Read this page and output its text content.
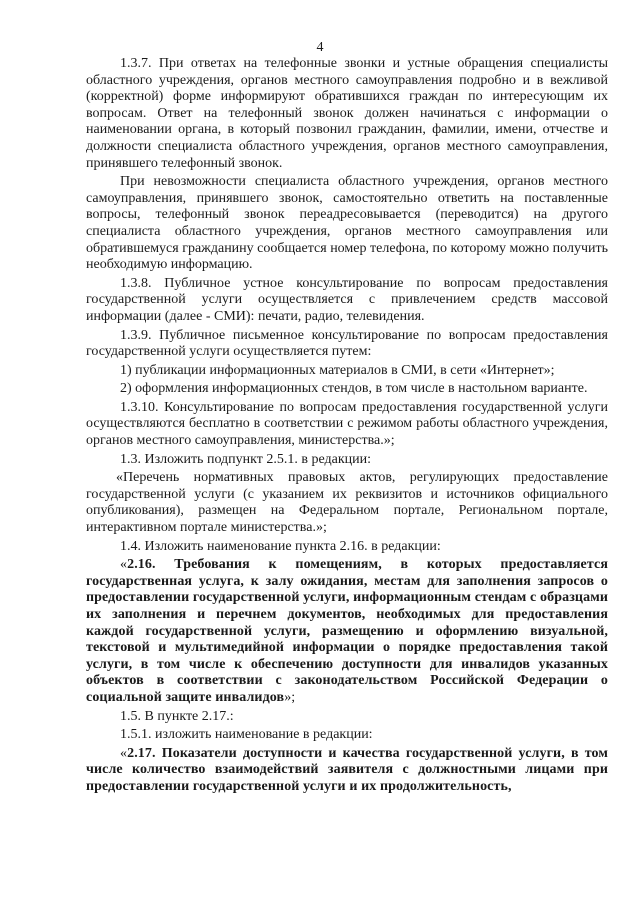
4

1.3.7. При ответах на телефонные звонки и устные обращения специалисты областного учреждения, органов местного самоуправления подробно и в вежливой (корректной) форме информируют обратившихся граждан по интересующим их вопросам. Ответ на телефонный звонок должен начинаться с информации о наименовании органа, в который позвонил гражданин, фамилии, имени, отчестве и должности специалиста областного учреждения, органов местного самоуправления, принявшего телефонный звонок.

При невозможности специалиста областного учреждения, органов местного самоуправления, принявшего звонок, самостоятельно ответить на поставленные вопросы, телефонный звонок переадресовывается (переводится) на другого специалиста областного учреждения, органов местного самоуправления или обратившемуся гражданину сообщается номер телефона, по которому можно получить необходимую информацию.

1.3.8. Публичное устное консультирование по вопросам предоставления государственной услуги осуществляется с привлечением средств массовой информации (далее - СМИ): печати, радио, телевидения.

1.3.9. Публичное письменное консультирование по вопросам предоставления государственной услуги осуществляется путем:

1) публикации информационных материалов в СМИ, в сети «Интернет»;

2) оформления информационных стендов, в том числе в настольном варианте.

1.3.10. Консультирование по вопросам предоставления государственной услуги осуществляются бесплатно в соответствии с режимом работы областного учреждения, органов местного самоуправления, министерства.»;

1.3. Изложить подпункт 2.5.1. в редакции:

«Перечень нормативных правовых актов, регулирующих предоставление государственной услуги (с указанием их реквизитов и источников официального опубликования), размещен на Федеральном портале, Региональном портале, интерактивном портале министерства.»;

1.4. Изложить наименование пункта 2.16. в редакции:

«2.16. Требования к помещениям, в которых предоставляется государственная услуга, к залу ожидания, местам для заполнения запросов о предоставлении государственной услуги, информационным стендам с образцами их заполнения и перечнем документов, необходимых для предоставления каждой государственной услуги, размещению и оформлению визуальной, текстовой и мультимедийной информации о порядке предоставления такой услуги, в том числе к обеспечению доступности для инвалидов указанных объектов в соответствии с законодательством Российской Федерации о социальной защите инвалидов»;

1.5. В пункте 2.17.:

1.5.1. изложить наименование в редакции:

«2.17. Показатели доступности и качества государственной услуги, в том числе количество взаимодействий заявителя с должностными лицами при предоставлении государственной услуги и их продолжительность,
